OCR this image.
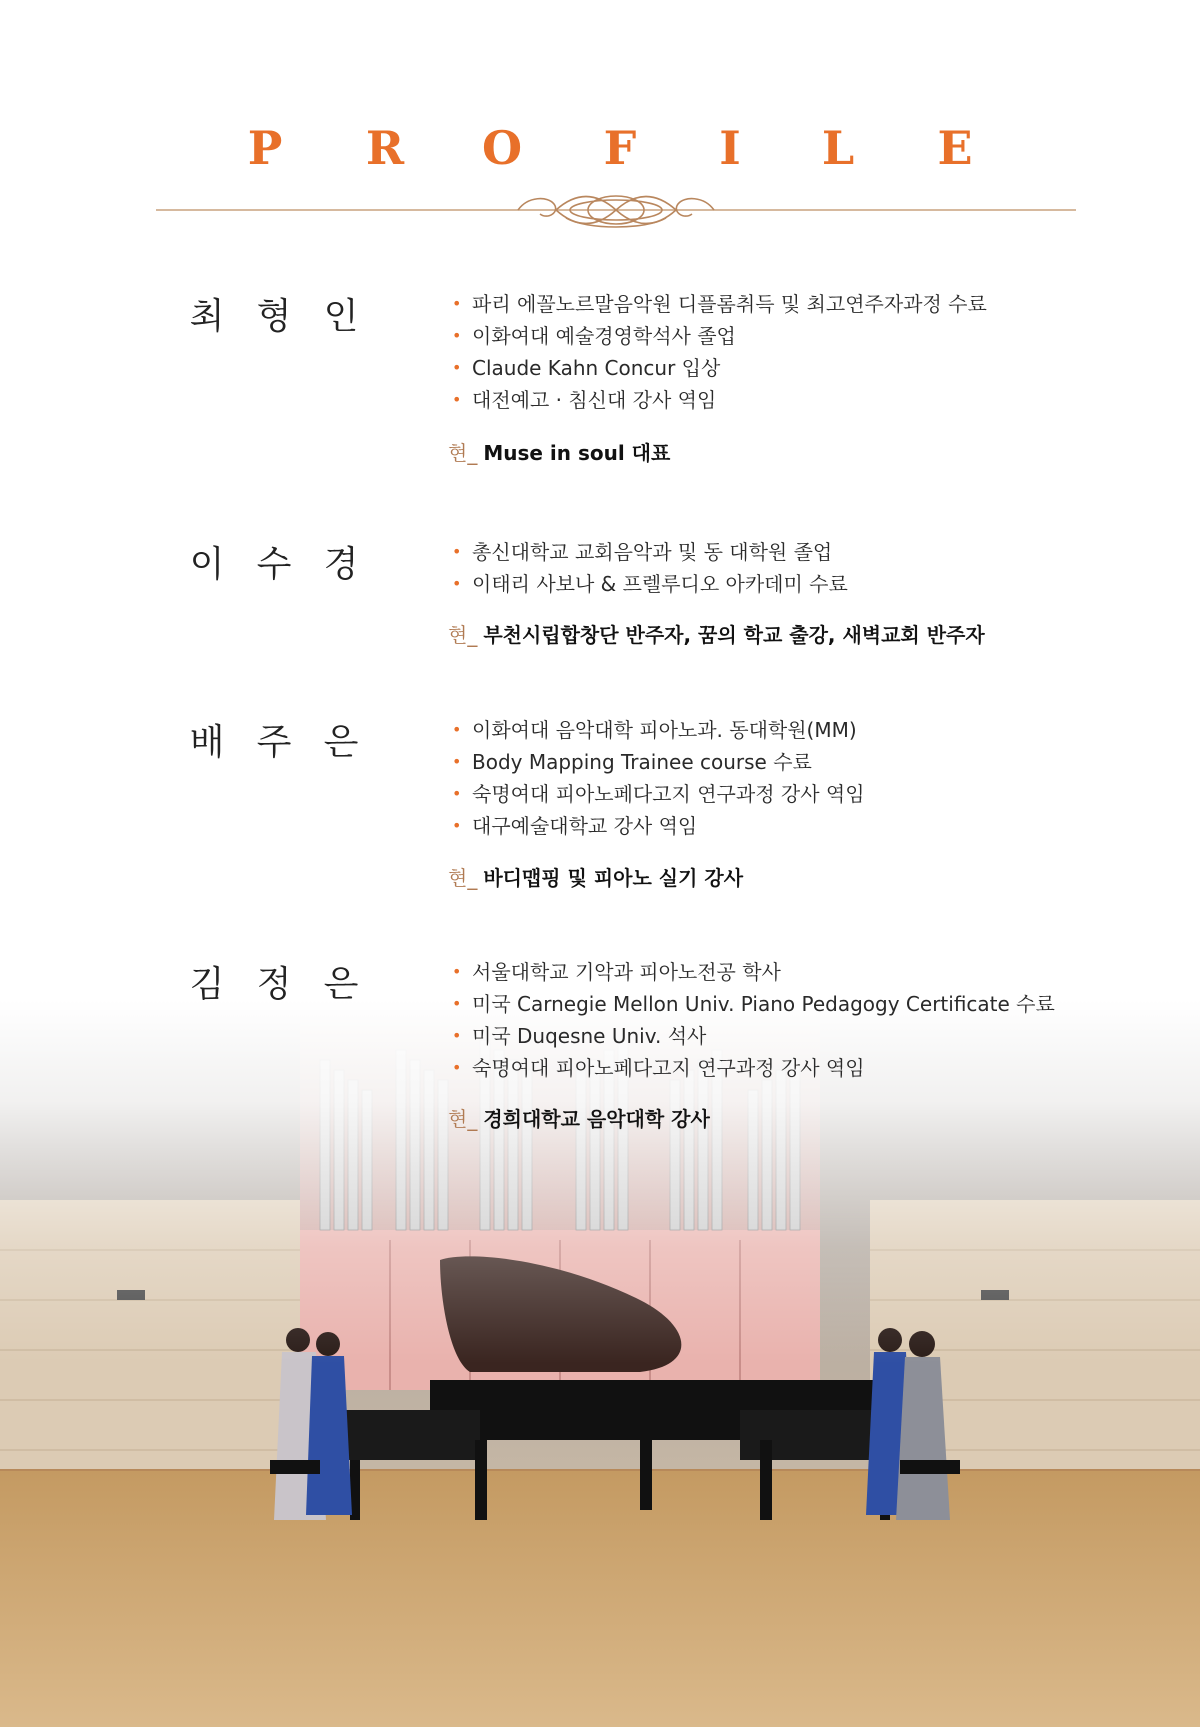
P R O F	I	L	E
최 형 인	• 파리 에꼴노르말음악원 디플롬취득 및 최고연주자과정 수료
• 이화여대 예술경영학석사 졸업
• Claude Kahn Concur 입상
• 대전예고 · 침신대 강사 역임
현_ Muse in soul 대표
이 수 경	• 총신대학교 교회음악과 및 동 대학원 졸업
• 이태리 사보나 & 프렐루디오 아카데미 수료
현_ 부천시립합창단 반주자, 꿈의 학교 출강, 새벽교회 반주자
배 주 은	• 이화여대 음악대학 피아노과. 동대학원(MM)
• Body Mapping Trainee course 수료
• 숙명여대 피아노페다고지 연구과정 강사 역임
• 대구예술대학교 강사 역임
현_ 바디맵핑 및 피아노 실기 강사
김 정 은	• 서울대학교 기악과 피아노전공 학사
• 미국 Carnegie Mellon Univ. Piano Pedagogy Certificate 수료
• 미국 Duqesne Univ. 석사
• 숙명여대 피아노페다고지 연구과정 강사 역임
현_ 경희대학교 음악대학 강사
